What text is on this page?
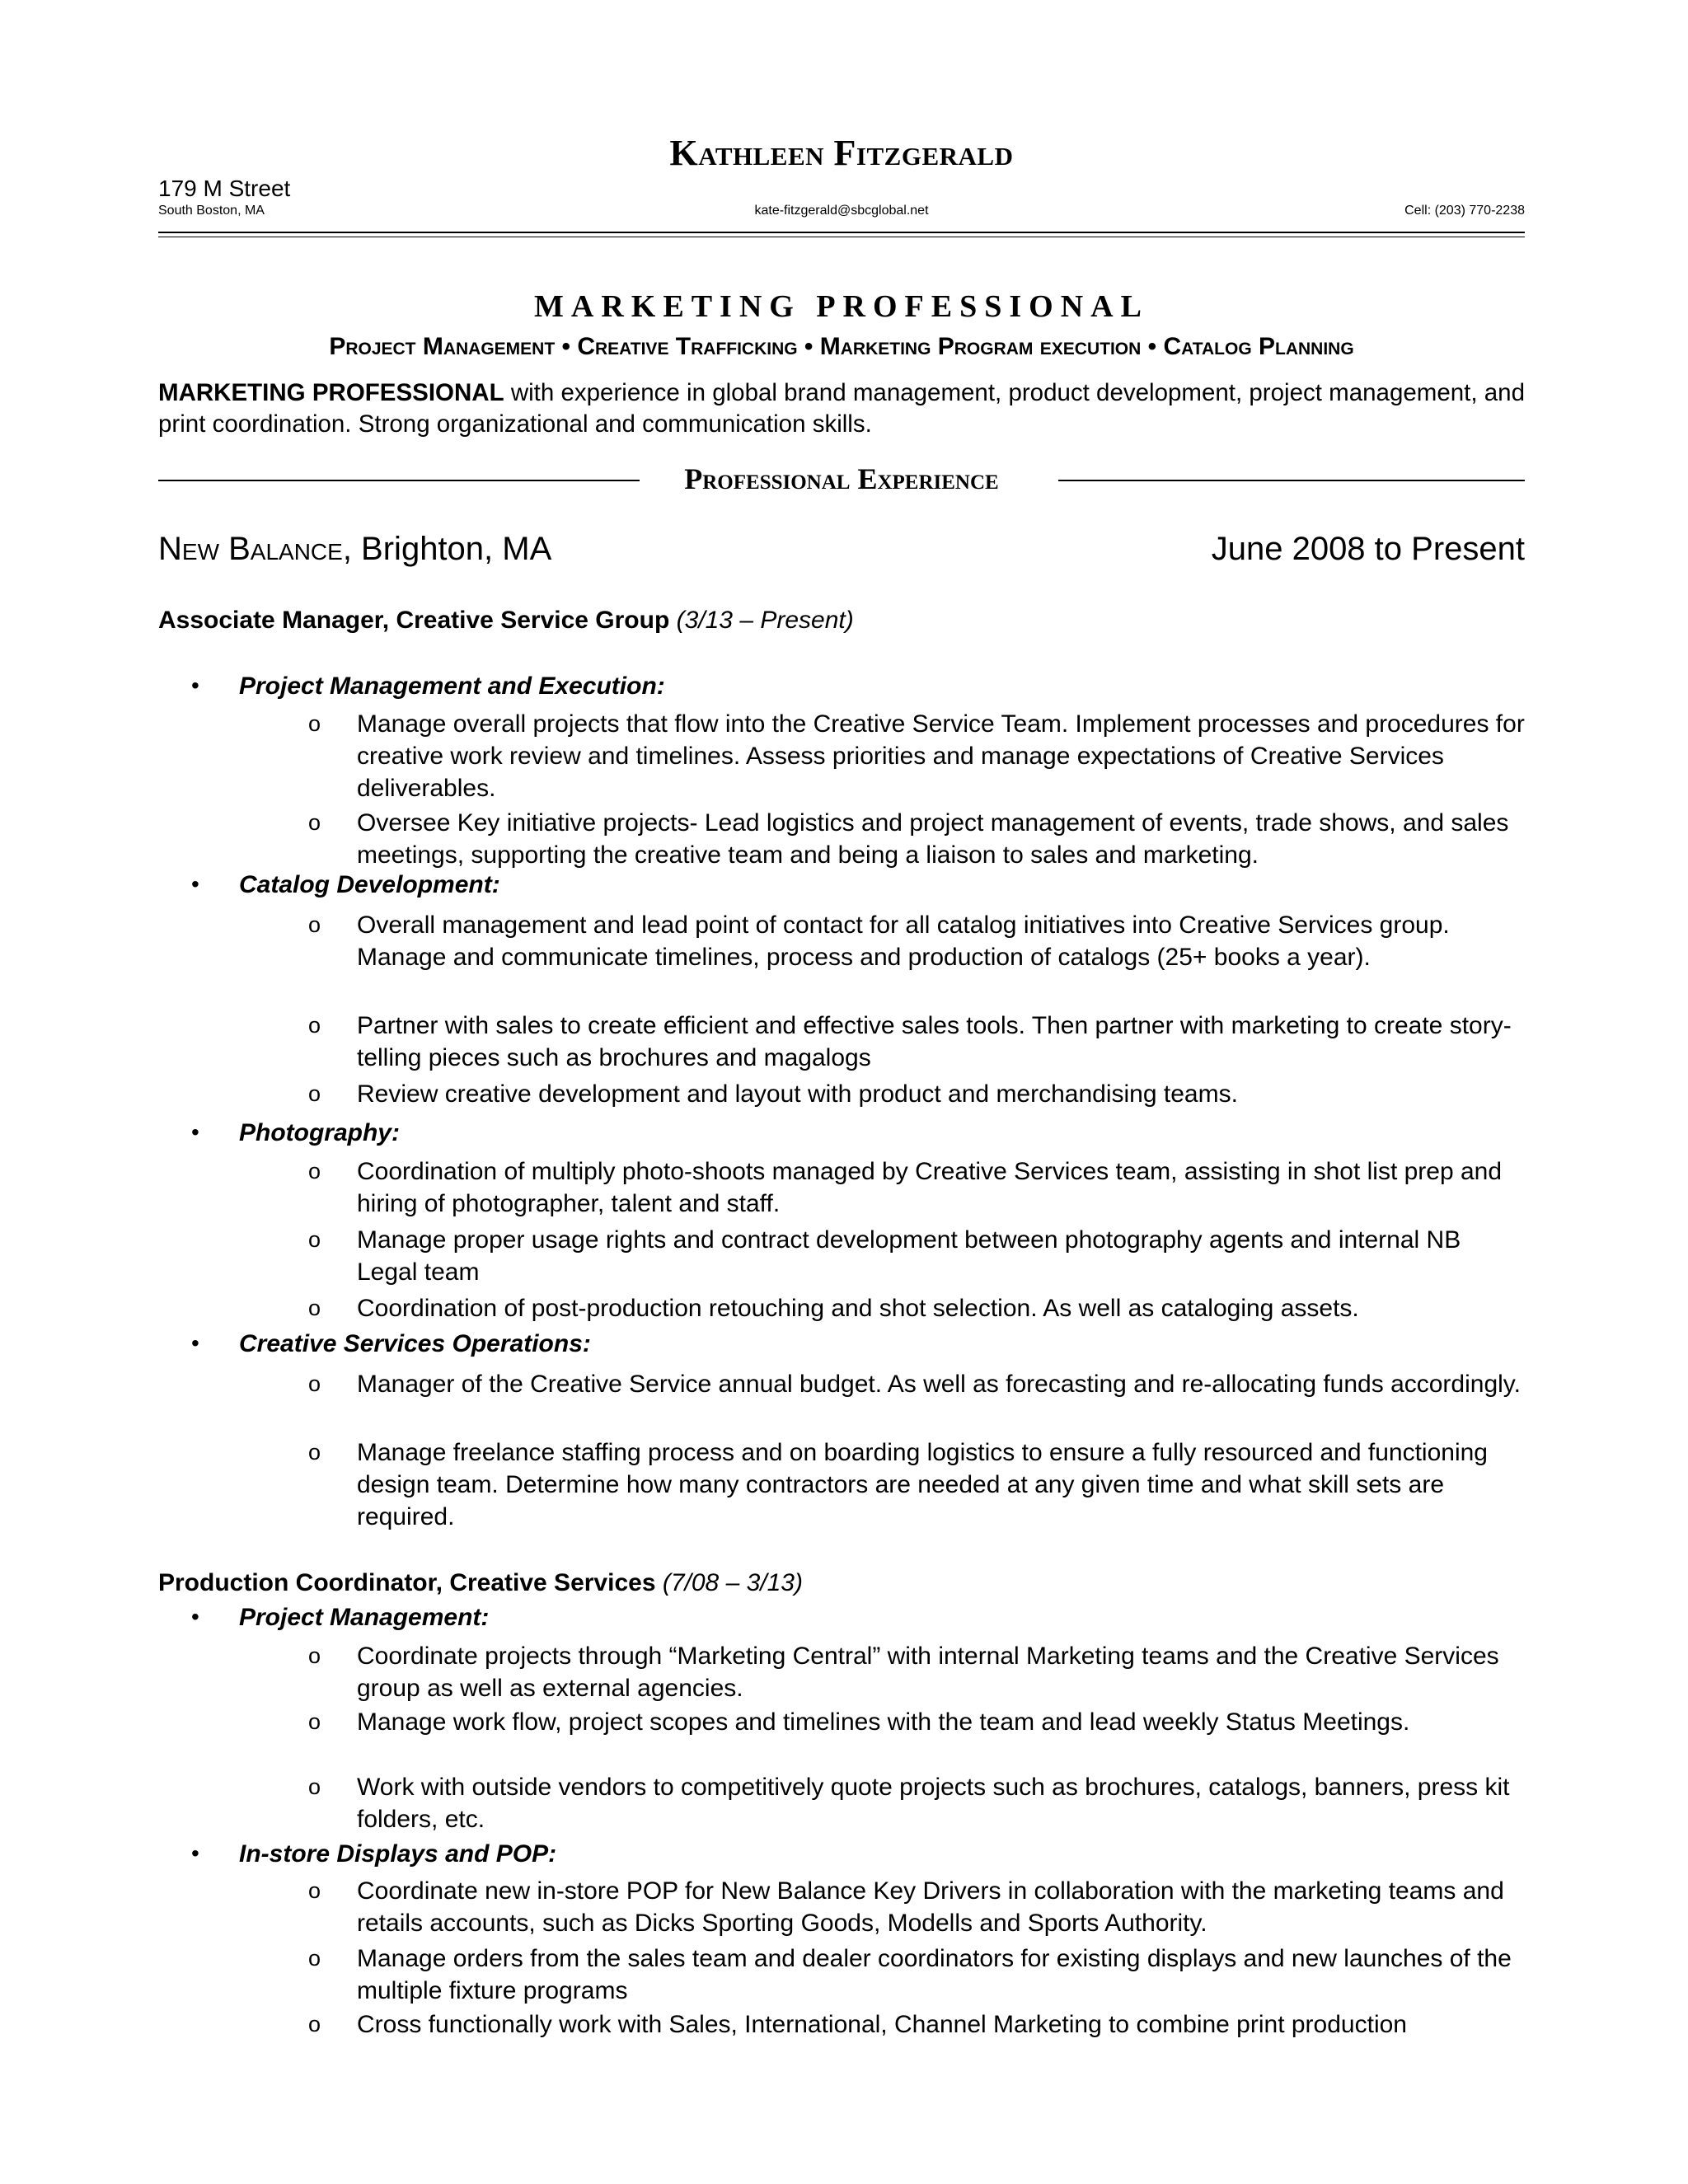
Kathleen Fitzgerald
179 M Street
South Boston, MA	kate-fitzgerald@sbcglobal.net	Cell: (203) 770-2238
MARKETING PROFESSIONAL
Project Management • Creative Trafficking • Marketing Program execution • Catalog Planning
MARKETING PROFESSIONAL with experience in global brand management, product development, project management, and print coordination. Strong organizational and communication skills.
Professional Experience
New Balance, Brighton, MA	June 2008 to Present
Associate Manager, Creative Service Group (3/13 – Present)
• Project Management and Execution:
o Manage overall projects that flow into the Creative Service Team. Implement processes and procedures for creative work review and timelines. Assess priorities and manage expectations of Creative Services deliverables.
o Oversee Key initiative projects- Lead logistics and project management of events, trade shows, and sales meetings, supporting the creative team and being a liaison to sales and marketing.
• Catalog Development:
o Overall management and lead point of contact for all catalog initiatives into Creative Services group. Manage and communicate timelines, process and production of catalogs (25+ books a year).
o Partner with sales to create efficient and effective sales tools. Then partner with marketing to create story-telling pieces such as brochures and magalogs
o Review creative development and layout with product and merchandising teams.
• Photography:
o Coordination of multiply photo-shoots managed by Creative Services team, assisting in shot list prep and hiring of photographer, talent and staff.
o Manage proper usage rights and contract development between photography agents and internal NB Legal team
o Coordination of post-production retouching and shot selection. As well as cataloging assets.
• Creative Services Operations:
o Manager of the Creative Service annual budget. As well as forecasting and re-allocating funds accordingly.
o Manage freelance staffing process and on boarding logistics to ensure a fully resourced and functioning design team. Determine how many contractors are needed at any given time and what skill sets are required.
Production Coordinator, Creative Services (7/08 – 3/13)
• Project Management:
o Coordinate projects through “Marketing Central” with internal Marketing teams and the Creative Services group as well as external agencies.
o Manage work flow, project scopes and timelines with the team and lead weekly Status Meetings.
o Work with outside vendors to competitively quote projects such as brochures, catalogs, banners, press kit folders, etc.
• In-store Displays and POP:
o Coordinate new in-store POP for New Balance Key Drivers in collaboration with the marketing teams and retails accounts, such as Dicks Sporting Goods, Modells and Sports Authority.
o Manage orders from the sales team and dealer coordinators for existing displays and new launches of the multiple fixture programs
o Cross functionally work with Sales, International, Channel Marketing to combine print production
